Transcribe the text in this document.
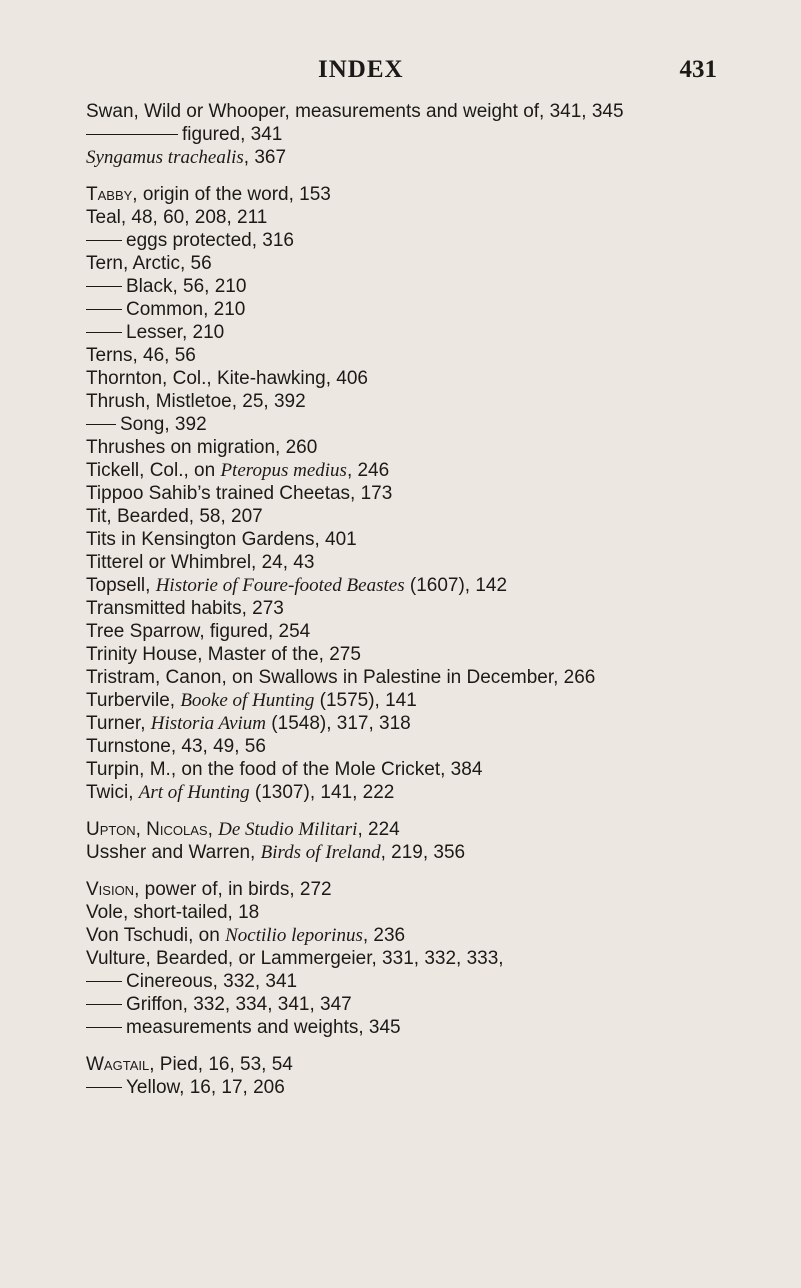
INDEX	431
Swan, Wild or Whooper, measurements and weight of, 341, 345
figured, 341
Syngamus trachealis, 367
Tabby, origin of the word, 153
Teal, 48, 60, 208, 211
eggs protected, 316
Tern, Arctic, 56
Black, 56, 210
Common, 210
Lesser, 210
Terns, 46, 56
Thornton, Col., Kite-hawking, 406
Thrush, Mistletoe, 25, 392
Song, 392
Thrushes on migration, 260
Tickell, Col., on Pteropus medius, 246
Tippoo Sahib’s trained Cheetas, 173
Tit, Bearded, 58, 207
Tits in Kensington Gardens, 401
Titterel or Whimbrel, 24, 43
Topsell, Historie of Foure-footed Beastes (1607), 142
Transmitted habits, 273
Tree Sparrow, figured, 254
Trinity House, Master of the, 275
Tristram, Canon, on Swallows in Palestine in December, 266
Turbervile, Booke of Hunting (1575), 141
Turner, Historia Avium (1548), 317, 318
Turnstone, 43, 49, 56
Turpin, M., on the food of the Mole Cricket, 384
Twici, Art of Hunting (1307), 141, 222
Upton, Nicolas, De Studio Militari, 224
Ussher and Warren, Birds of Ireland, 219, 356
Vision, power of, in birds, 272
Vole, short-tailed, 18
Von Tschudi, on Noctilio leporinus, 236
Vulture, Bearded, or Lammergeier, 331, 332, 333,
Cinereous, 332, 341
Griffon, 332, 334, 341, 347
measurements and weights, 345
Wagtail, Pied, 16, 53, 54
Yellow, 16, 17, 206
